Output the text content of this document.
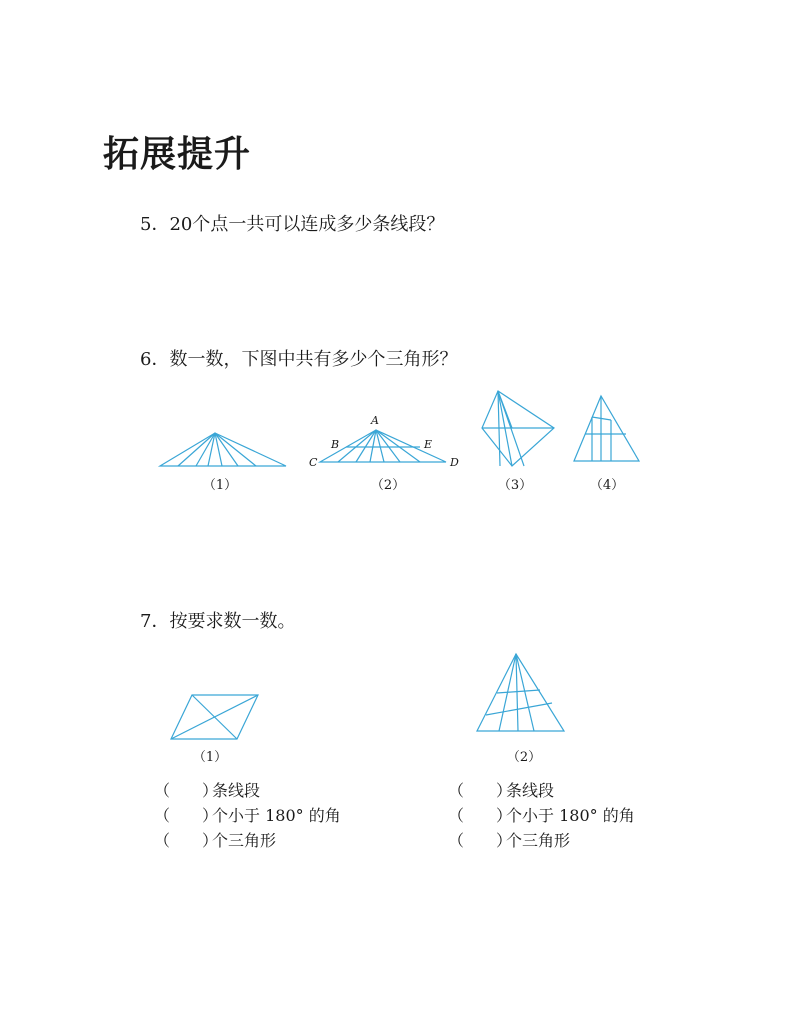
拓展提升
5．20个点一共可以连成多少条线段？
6．数一数，下图中共有多少个三角形？
A
B
C	D
E
（1）	（2）	（3）	（4）
7．按要求数一数。
（1）	（2）
（　　）条线段
（　　）个小于 180° 的角
（　　）个三角形
（　　）条线段
（　　）个小于 180° 的角
（　　）个三角形
